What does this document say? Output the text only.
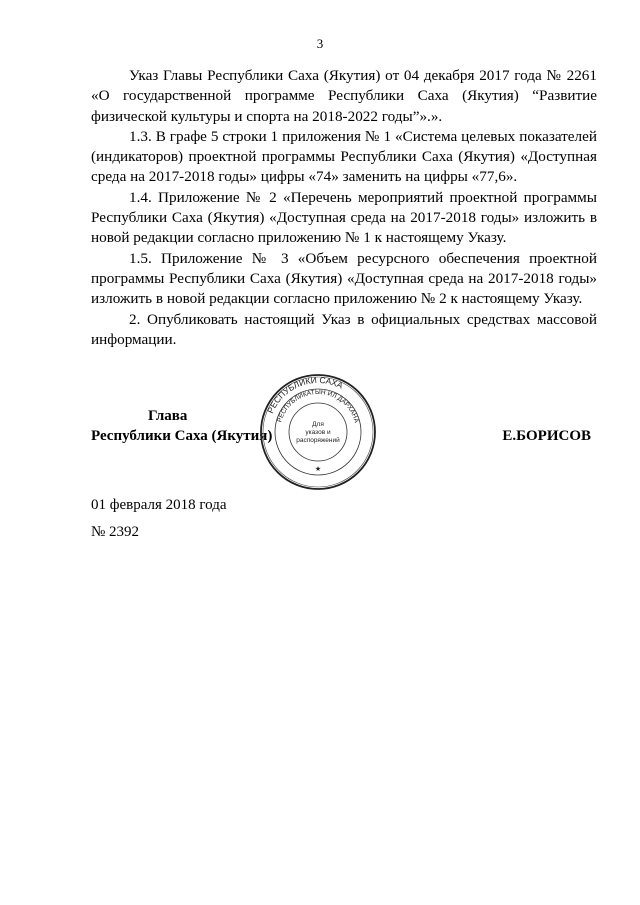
3

Указ Главы Республики Саха (Якутия) от 04 декабря 2017 года № 2261 «О государственной программе Республики Саха (Якутия) “Развитие физической культуры и спорта на 2018-2022 годы”».».

1.3. В графе 5 строки 1 приложения № 1 «Система целевых показателей (индикаторов) проектной программы Республики Саха (Якутия) «Доступная среда на 2017-2018 годы» цифры «74» заменить на цифры «77,6».

1.4. Приложение № 2 «Перечень мероприятий проектной программы Республики Саха (Якутия) «Доступная среда на 2017-2018 годы» изложить в новой редакции согласно приложению № 1 к настоящему Указу.

1.5. Приложение № 3 «Объем ресурсного обеспечения проектной программы Республики Саха (Якутия) «Доступная среда на 2017-2018 годы» изложить в новой редакции согласно приложению № 2 к настоящему Указу.

2. Опубликовать настоящий Указ в официальных средствах массовой информации.

Глава
Республики Саха (Якутия)	Е.БОРИСОВ
РЕСПУБЛИКИ САХА
РЕСПУБЛИКАТЫН ИЛ ДАРХАНА
Для
указов и
распоряжений
★
01 февраля 2018 года
№ 2392
